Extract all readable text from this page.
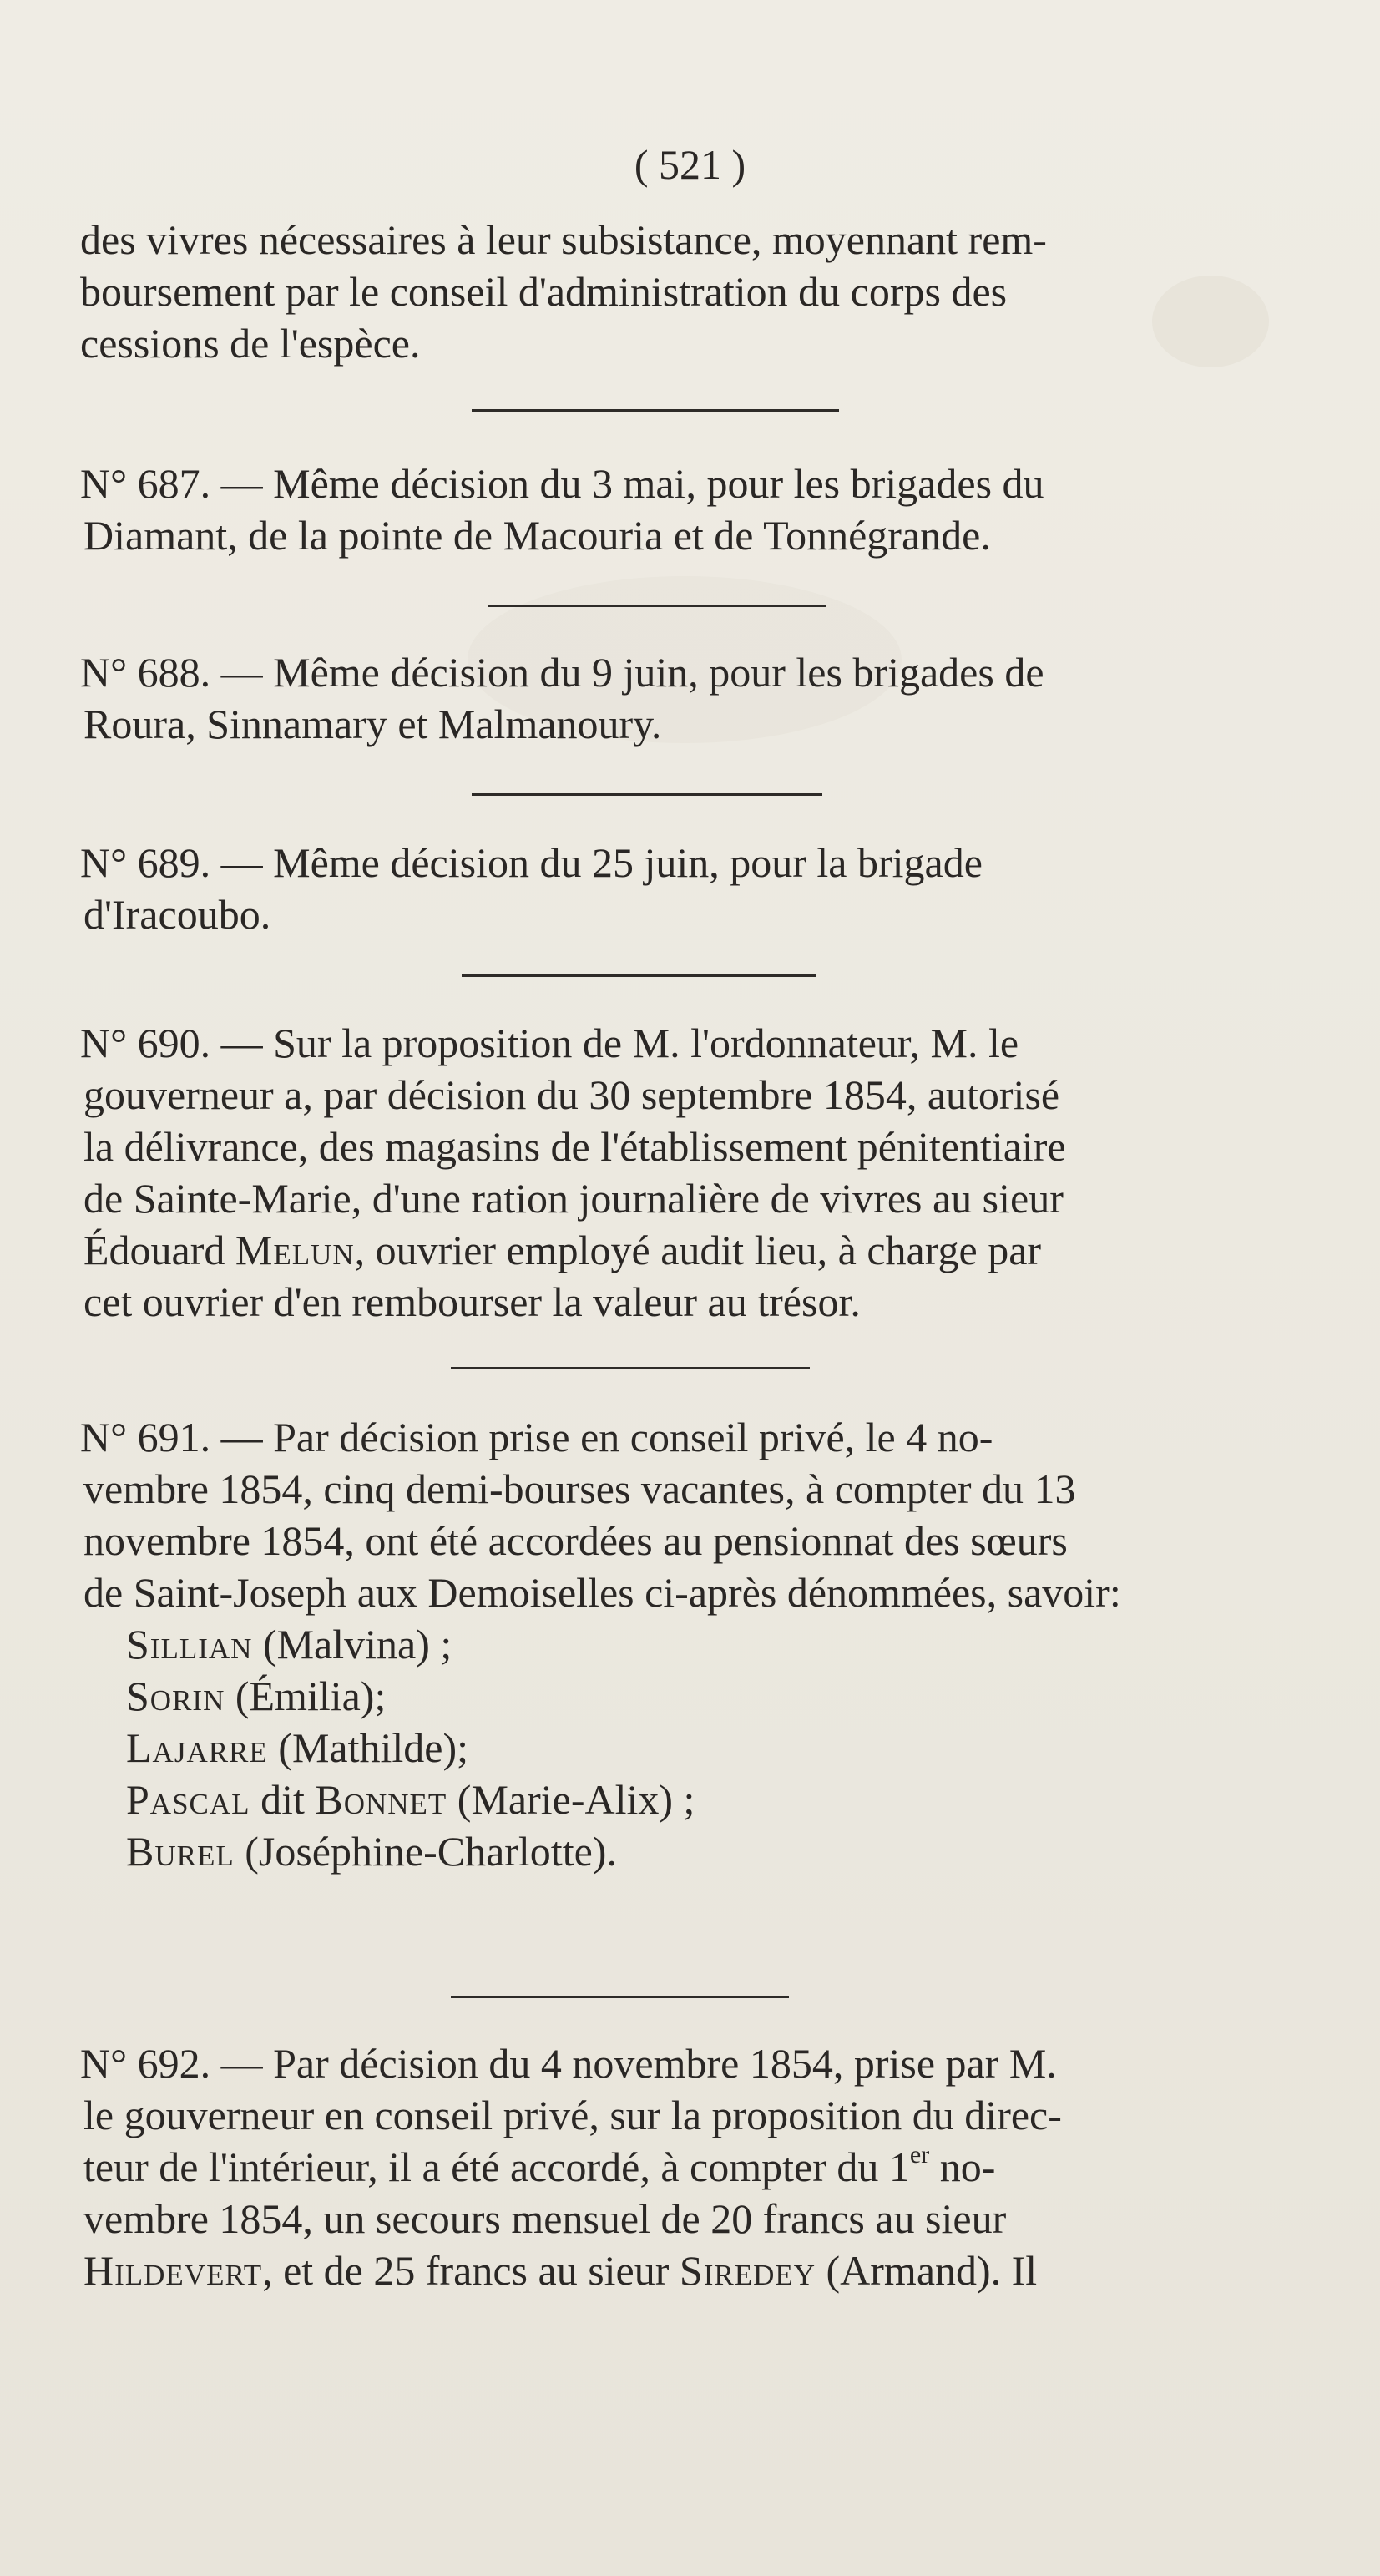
( 521 )
des vivres nécessaires à leur subsistance, moyennant rem-
boursement par le conseil d'administration du corps des
cessions de l'espèce.
N° 687. — Même décision du 3 mai, pour les brigades du
Diamant, de la pointe de Macouria et de Tonnégrande.
N° 688. — Même décision du 9 juin, pour les brigades de
Roura, Sinnamary et Malmanoury.
N° 689. — Même décision du 25 juin, pour la brigade
d'Iracoubo.
N° 690. — Sur la proposition de M. l'ordonnateur, M. le
gouverneur a, par décision du 30 septembre 1854, autorisé
la délivrance, des magasins de l'établissement pénitentiaire
de Sainte-Marie, d'une ration journalière de vivres au sieur
Édouard Melun, ouvrier employé audit lieu, à charge par
cet ouvrier d'en rembourser la valeur au trésor.
N° 691. — Par décision prise en conseil privé, le 4 no-
vembre 1854, cinq demi-bourses vacantes, à compter du 13
novembre 1854, ont été accordées au pensionnat des sœurs
de Saint-Joseph aux Demoiselles ci-après dénommées, savoir:
Sillian (Malvina) ;
Sorin (Émilia);
Lajarre (Mathilde);
Pascal dit Bonnet (Marie-Alix) ;
Burel (Joséphine-Charlotte).
N° 692. — Par décision du 4 novembre 1854, prise par M.
le gouverneur en conseil privé, sur la proposition du direc-
teur de l'intérieur, il a été accordé, à compter du 1er no-
vembre 1854, un secours mensuel de 20 francs au sieur
Hildevert, et de 25 francs au sieur Siredey (Armand). Il
